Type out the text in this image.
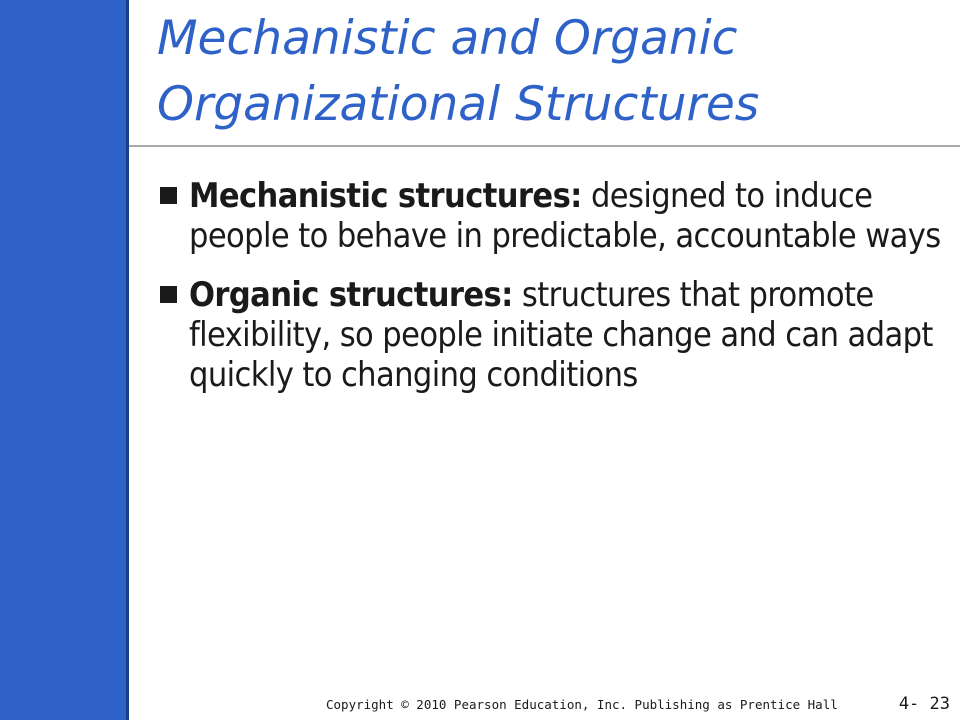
Mechanistic and Organic
Organizational Structures
Mechanistic structures: designed to induce people to behave in predictable, accountable ways
Organic structures: structures that promote flexibility, so people initiate change and can adapt quickly to changing conditions
Copyright © 2010 Pearson Education, Inc. Publishing as Prentice Hall	4- 23
